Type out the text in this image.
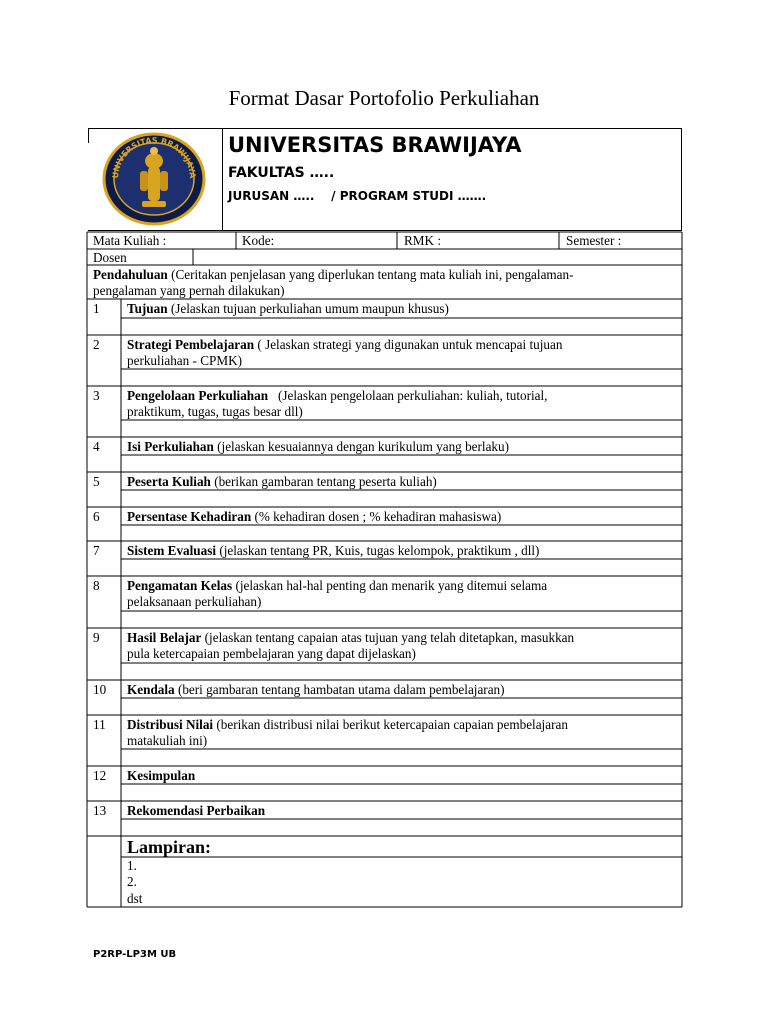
Format Dasar Portofolio Perkuliahan
UNIVERSITAS BRAWIJAYA
UNIVERSITAS BRAWIJAYA
FAKULTAS …..
JURUSAN …..    / PROGRAM STUDI …….
Mata Kuliah :	Kode:	RMK :	Semester :
Dosen
Pendahuluan (Ceritakan penjelasan yang diperlukan tentang mata kuliah ini, pengalaman-
pengalaman yang pernah dilakukan)
1 Tujuan (Jelaskan tujuan perkuliahan umum maupun khusus)
2 Strategi Pembelajaran ( Jelaskan strategi yang digunakan untuk mencapai tujuan
perkuliahan - CPMK)
3 Pengelolaan Perkuliahan   (Jelaskan pengelolaan perkuliahan: kuliah, tutorial,
praktikum, tugas, tugas besar dll)
4 Isi Perkuliahan (jelaskan kesuaiannya dengan kurikulum yang berlaku)
5 Peserta Kuliah (berikan gambaran tentang peserta kuliah)
6 Persentase Kehadiran (% kehadiran dosen ; % kehadiran mahasiswa)
7 Sistem Evaluasi (jelaskan tentang PR, Kuis, tugas kelompok, praktikum , dll)
8 Pengamatan Kelas (jelaskan hal-hal penting dan menarik yang ditemui selama
pelaksanaan perkuliahan)
9 Hasil Belajar (jelaskan tentang capaian atas tujuan yang telah ditetapkan, masukkan
pula ketercapaian pembelajaran yang dapat dijelaskan)
10 Kendala (beri gambaran tentang hambatan utama dalam pembelajaran)
11 Distribusi Nilai (berikan distribusi nilai berikut ketercapaian capaian pembelajaran
matakuliah ini)
12 Kesimpulan
13 Rekomendasi Perbaikan
Lampiran:
1.
2.
dst
P2RP-LP3M UB
